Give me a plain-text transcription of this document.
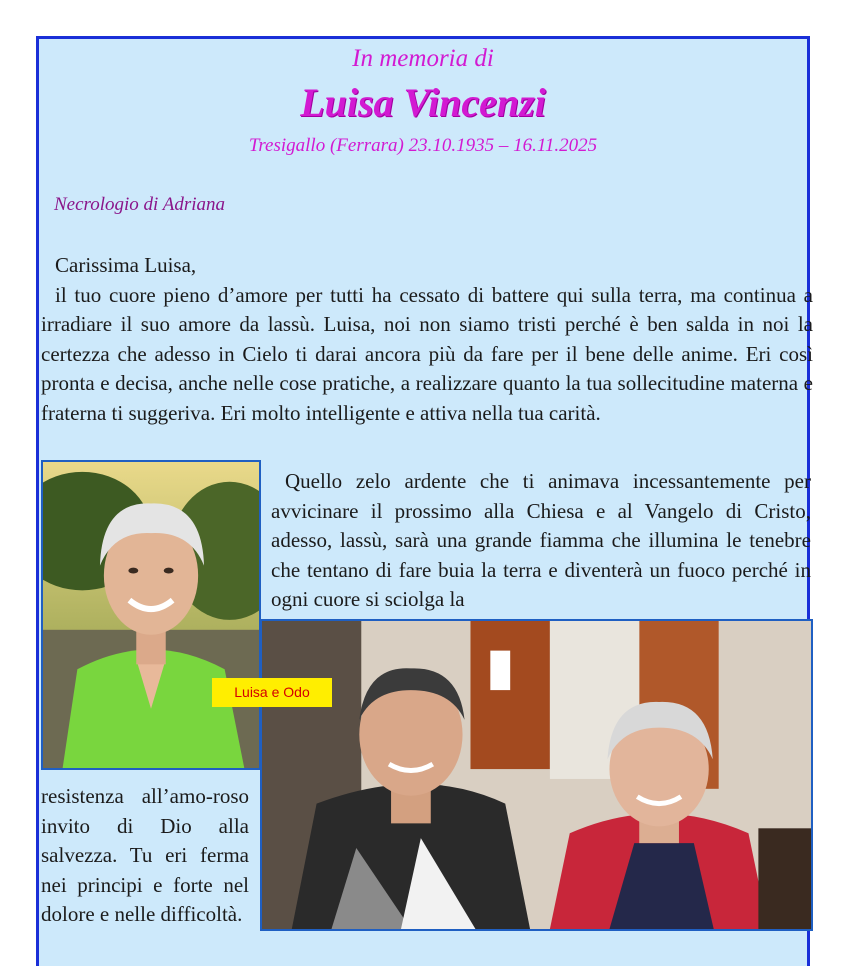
In memoria di
Luisa Vincenzi
Tresigallo (Ferrara) 23.10.1935 – 16.11.2025
Necrologio di Adriana
Carissima Luisa,
il tuo cuore pieno d’amore per tutti ha cessato di battere qui sulla terra, ma continua a irradiare il suo amore da lassù. Luisa, noi non siamo tristi perché è ben salda in noi la certezza che adesso in Cielo ti darai ancora più da fare per il bene delle anime. Eri così pronta e decisa, anche nelle cose pratiche, a realizzare quanto la tua sollecitudine materna e fraterna ti suggeriva. Eri molto intelligente e attiva nella tua carità.
Quello zelo ardente che ti animava incessantemente per avvicinare il prossimo alla Chiesa e al Vangelo di Cristo, adesso, lassù, sarà una grande fiamma che illumina le tenebre che tentano di fare buia la terra e diventerà un fuoco perché in ogni cuore si sciolga la
Luisa e Odo
resistenza all’amo-roso invito di Dio alla salvezza. Tu eri ferma nei principi e forte nel dolore e nelle difficoltà.
